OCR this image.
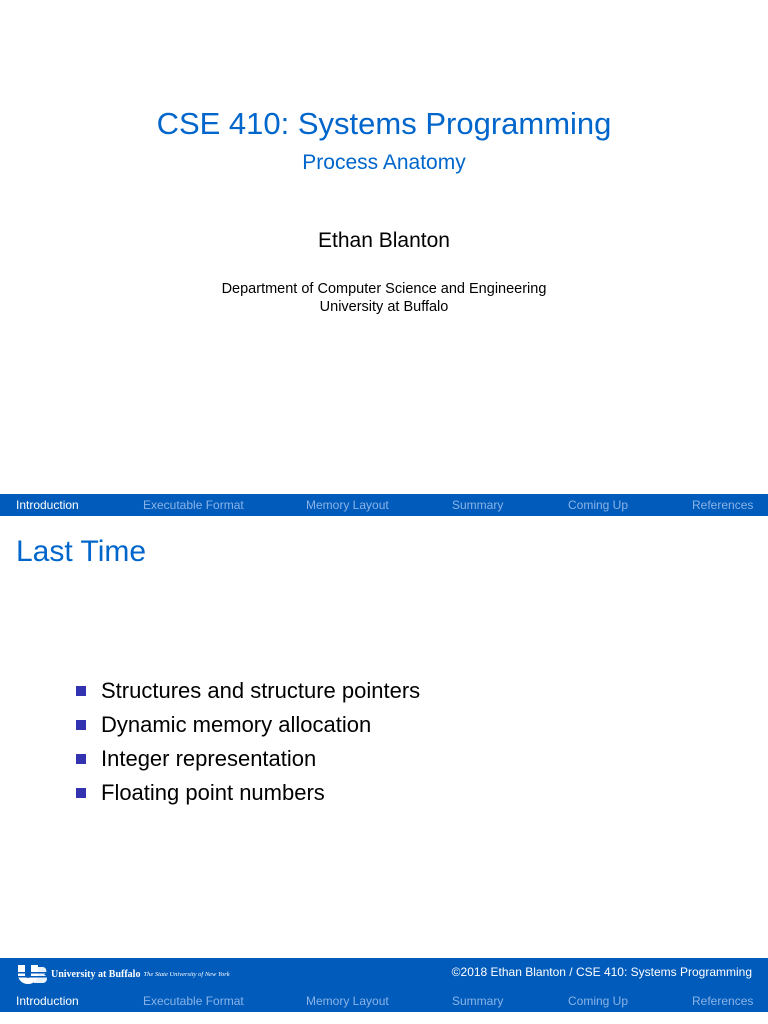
CSE 410: Systems Programming
Process Anatomy
Ethan Blanton
Department of Computer Science and Engineering
University at Buffalo
Introduction	Executable Format	Memory Layout	Summary	Coming Up	References
Last Time
Structures and structure pointers
Dynamic memory allocation
Integer representation
Floating point numbers
University at Buffalo The State University of New York	©2018 Ethan Blanton / CSE 410: Systems Programming
Introduction	Executable Format	Memory Layout	Summary	Coming Up	References
